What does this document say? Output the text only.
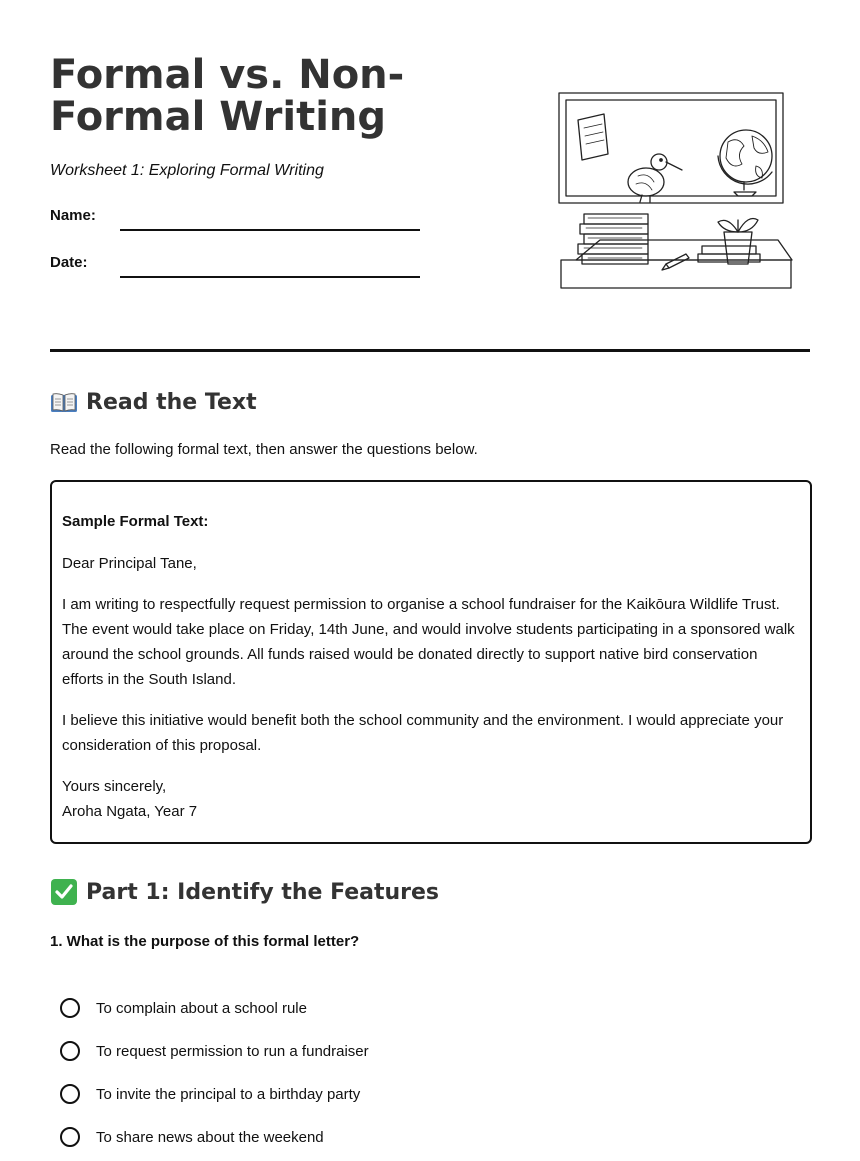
Formal vs. Non-Formal Writing
Worksheet 1: Exploring Formal Writing
Name:
Date:
Read the Text
Read the following formal text, then answer the questions below.

Sample Formal Text:

Dear Principal Tane,

I am writing to respectfully request permission to organise a school fundraiser for the Kaikōura Wildlife Trust. The event would take place on Friday, 14th June, and would involve students participating in a sponsored walk around the school grounds. All funds raised would be donated directly to support native bird conservation efforts in the South Island.

I believe this initiative would benefit both the school community and the environment. I would appreciate your consideration of this proposal.

Yours sincerely,

Aroha Ngata, Year 7

Part 1: Identify the Features
1. What is the purpose of this formal letter?
To complain about a school rule
To request permission to run a fundraiser
To invite the principal to a birthday party
To share news about the weekend
